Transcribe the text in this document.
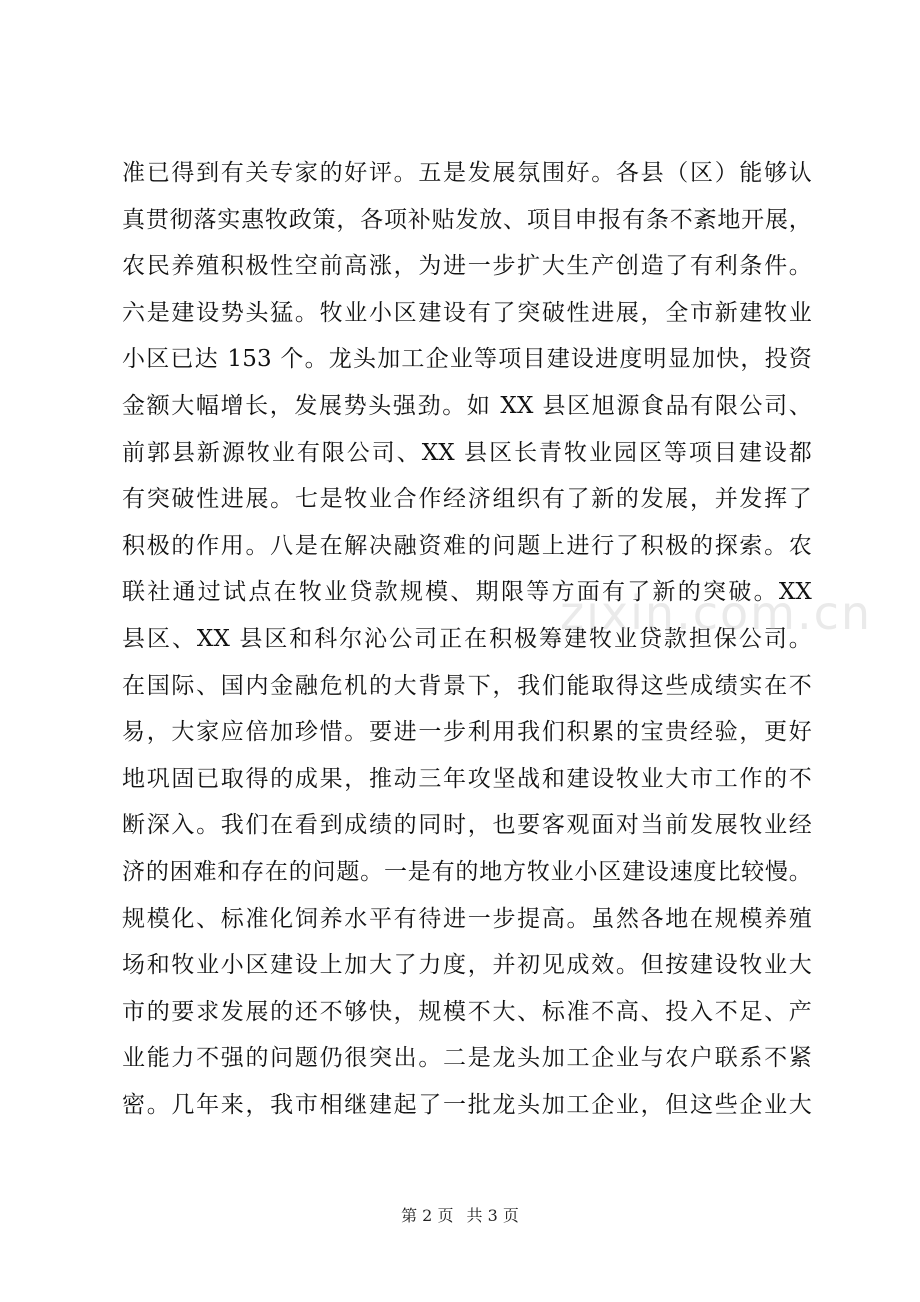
准已得到有关专家的好评。五是发展氛围好。各县（区）能够认
真贯彻落实惠牧政策，各项补贴发放、项目申报有条不紊地开展，
农民养殖积极性空前高涨，为进一步扩大生产创造了有利条件。
六是建设势头猛。牧业小区建设有了突破性进展，全市新建牧业
小区已达 153 个。龙头加工企业等项目建设进度明显加快，投资
金额大幅增长，发展势头强劲。如 XX 县区旭源食品有限公司、
前郭县新源牧业有限公司、XX 县区长青牧业园区等项目建设都
有突破性进展。七是牧业合作经济组织有了新的发展，并发挥了
积极的作用。八是在解决融资难的问题上进行了积极的探索。农
联社通过试点在牧业贷款规模、期限等方面有了新的突破。XX
县区、XX 县区和科尔沁公司正在积极筹建牧业贷款担保公司。
在国际、国内金融危机的大背景下，我们能取得这些成绩实在不
易，大家应倍加珍惜。要进一步利用我们积累的宝贵经验，更好
地巩固已取得的成果，推动三年攻坚战和建设牧业大市工作的不
断深入。我们在看到成绩的同时，也要客观面对当前发展牧业经
济的困难和存在的问题。一是有的地方牧业小区建设速度比较慢。
规模化、标准化饲养水平有待进一步提高。虽然各地在规模养殖
场和牧业小区建设上加大了力度，并初见成效。但按建设牧业大
市的要求发展的还不够快，规模不大、标准不高、投入不足、产
业能力不强的问题仍很突出。二是龙头加工企业与农户联系不紧
密。几年来，我市相继建起了一批龙头加工企业，但这些企业大
zixin.com.cn
第 2 页 共 3 页
